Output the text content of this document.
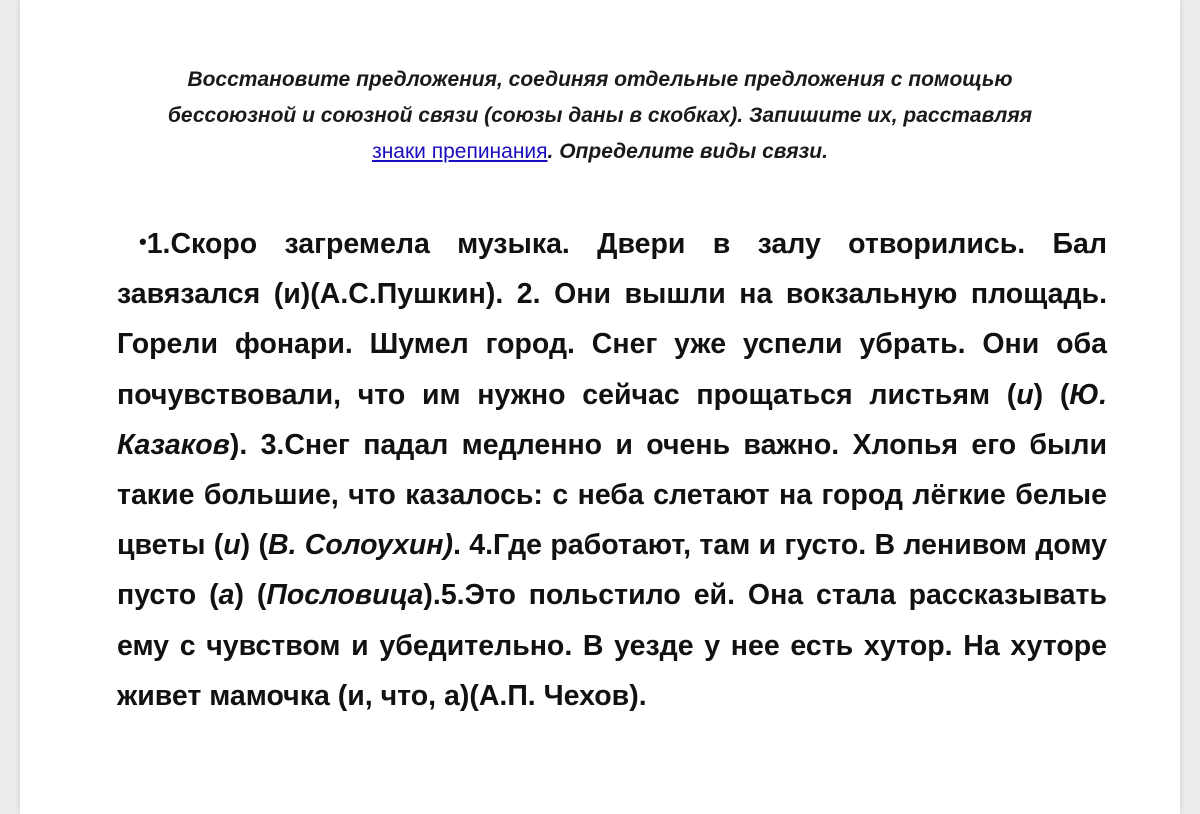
Восстановите предложения, соединяя отдельные предложения с помощью бессоюзной и союзной связи (союзы даны в скобках). Запишите их, расставляя знаки препинания. Определите виды связи.
•1.Скоро загремела музыка. Двери в залу отворились. Бал завязался (и)(А.С.Пушкин). 2. Они вышли на вокзальную площадь. Горели фонари. Шумел город. Снег уже успели убрать. Они оба почувствовали, что им нужно сейчас прощаться листьям (и) (Ю. Казаков). 3.Снег падал медленно и очень важно. Хлопья его были такие большие, что казалось: с неба слетают на город лёгкие белые цветы (и) (В. Солоухин). 4.Где работают, там и густо. В ленивом дому пусто (а) (Пословица).5.Это польстило ей. Она стала рассказывать ему с чувством и убедительно. В уезде у нее есть хутор. На хуторе живет мамочка (и, что, а)(А.П. Чехов).
